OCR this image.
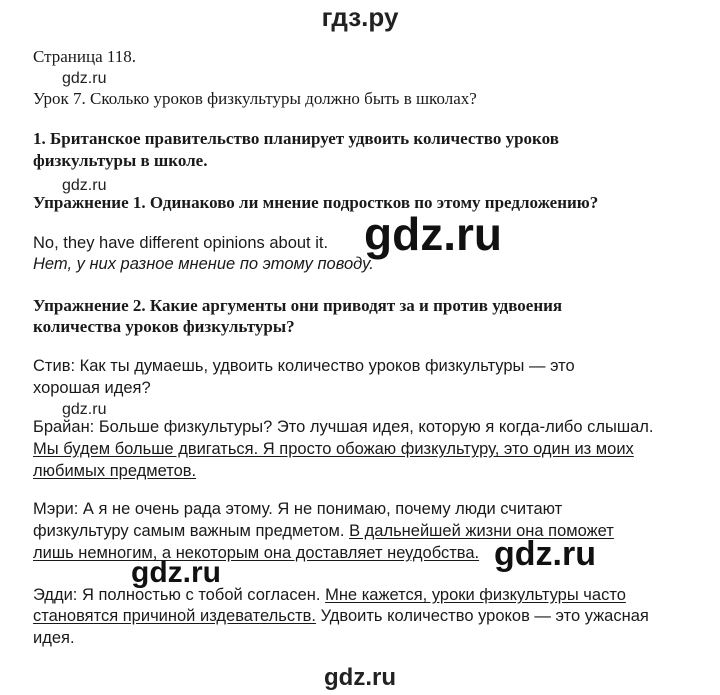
гдз.ру
Страница 118.
gdz.ru
Урок 7. Сколько уроков физкультуры должно быть в школах?
1. Британское правительство планирует удвоить количество уроков
физкультуры в школе.
gdz.ru
Упражнение 1. Одинаково ли мнение подростков по этому предложению?
No, they have different opinions about it.
Нет, у них разное мнение по этому поводу.
gdz.ru
Упражнение 2. Какие аргументы они приводят за и против удвоения
количества уроков физкультуры?
Стив: Как ты думаешь, удвоить количество уроков физкультуры — это
хорошая идея?
gdz.ru
Брайан: Больше физкультуры? Это лучшая идея, которую я когда-либо слышал.
Мы будем больше двигаться. Я просто обожаю физкультуру, это один из моих
любимых предметов.
Мэри: А я не очень рада этому. Я не понимаю, почему люди считают
физкультуру самым важным предметом. В дальнейшей жизни она поможет
лишь немногим, а некоторым она доставляет неудобства. gdz.ru
Эдди: Я полностью с тобой согласен. Мне кажется, уроки физкультуры часто
gdz.ru
становятся причиной издевательств. Удвоить количество уроков — это ужасная
идея.
gdz.ru
